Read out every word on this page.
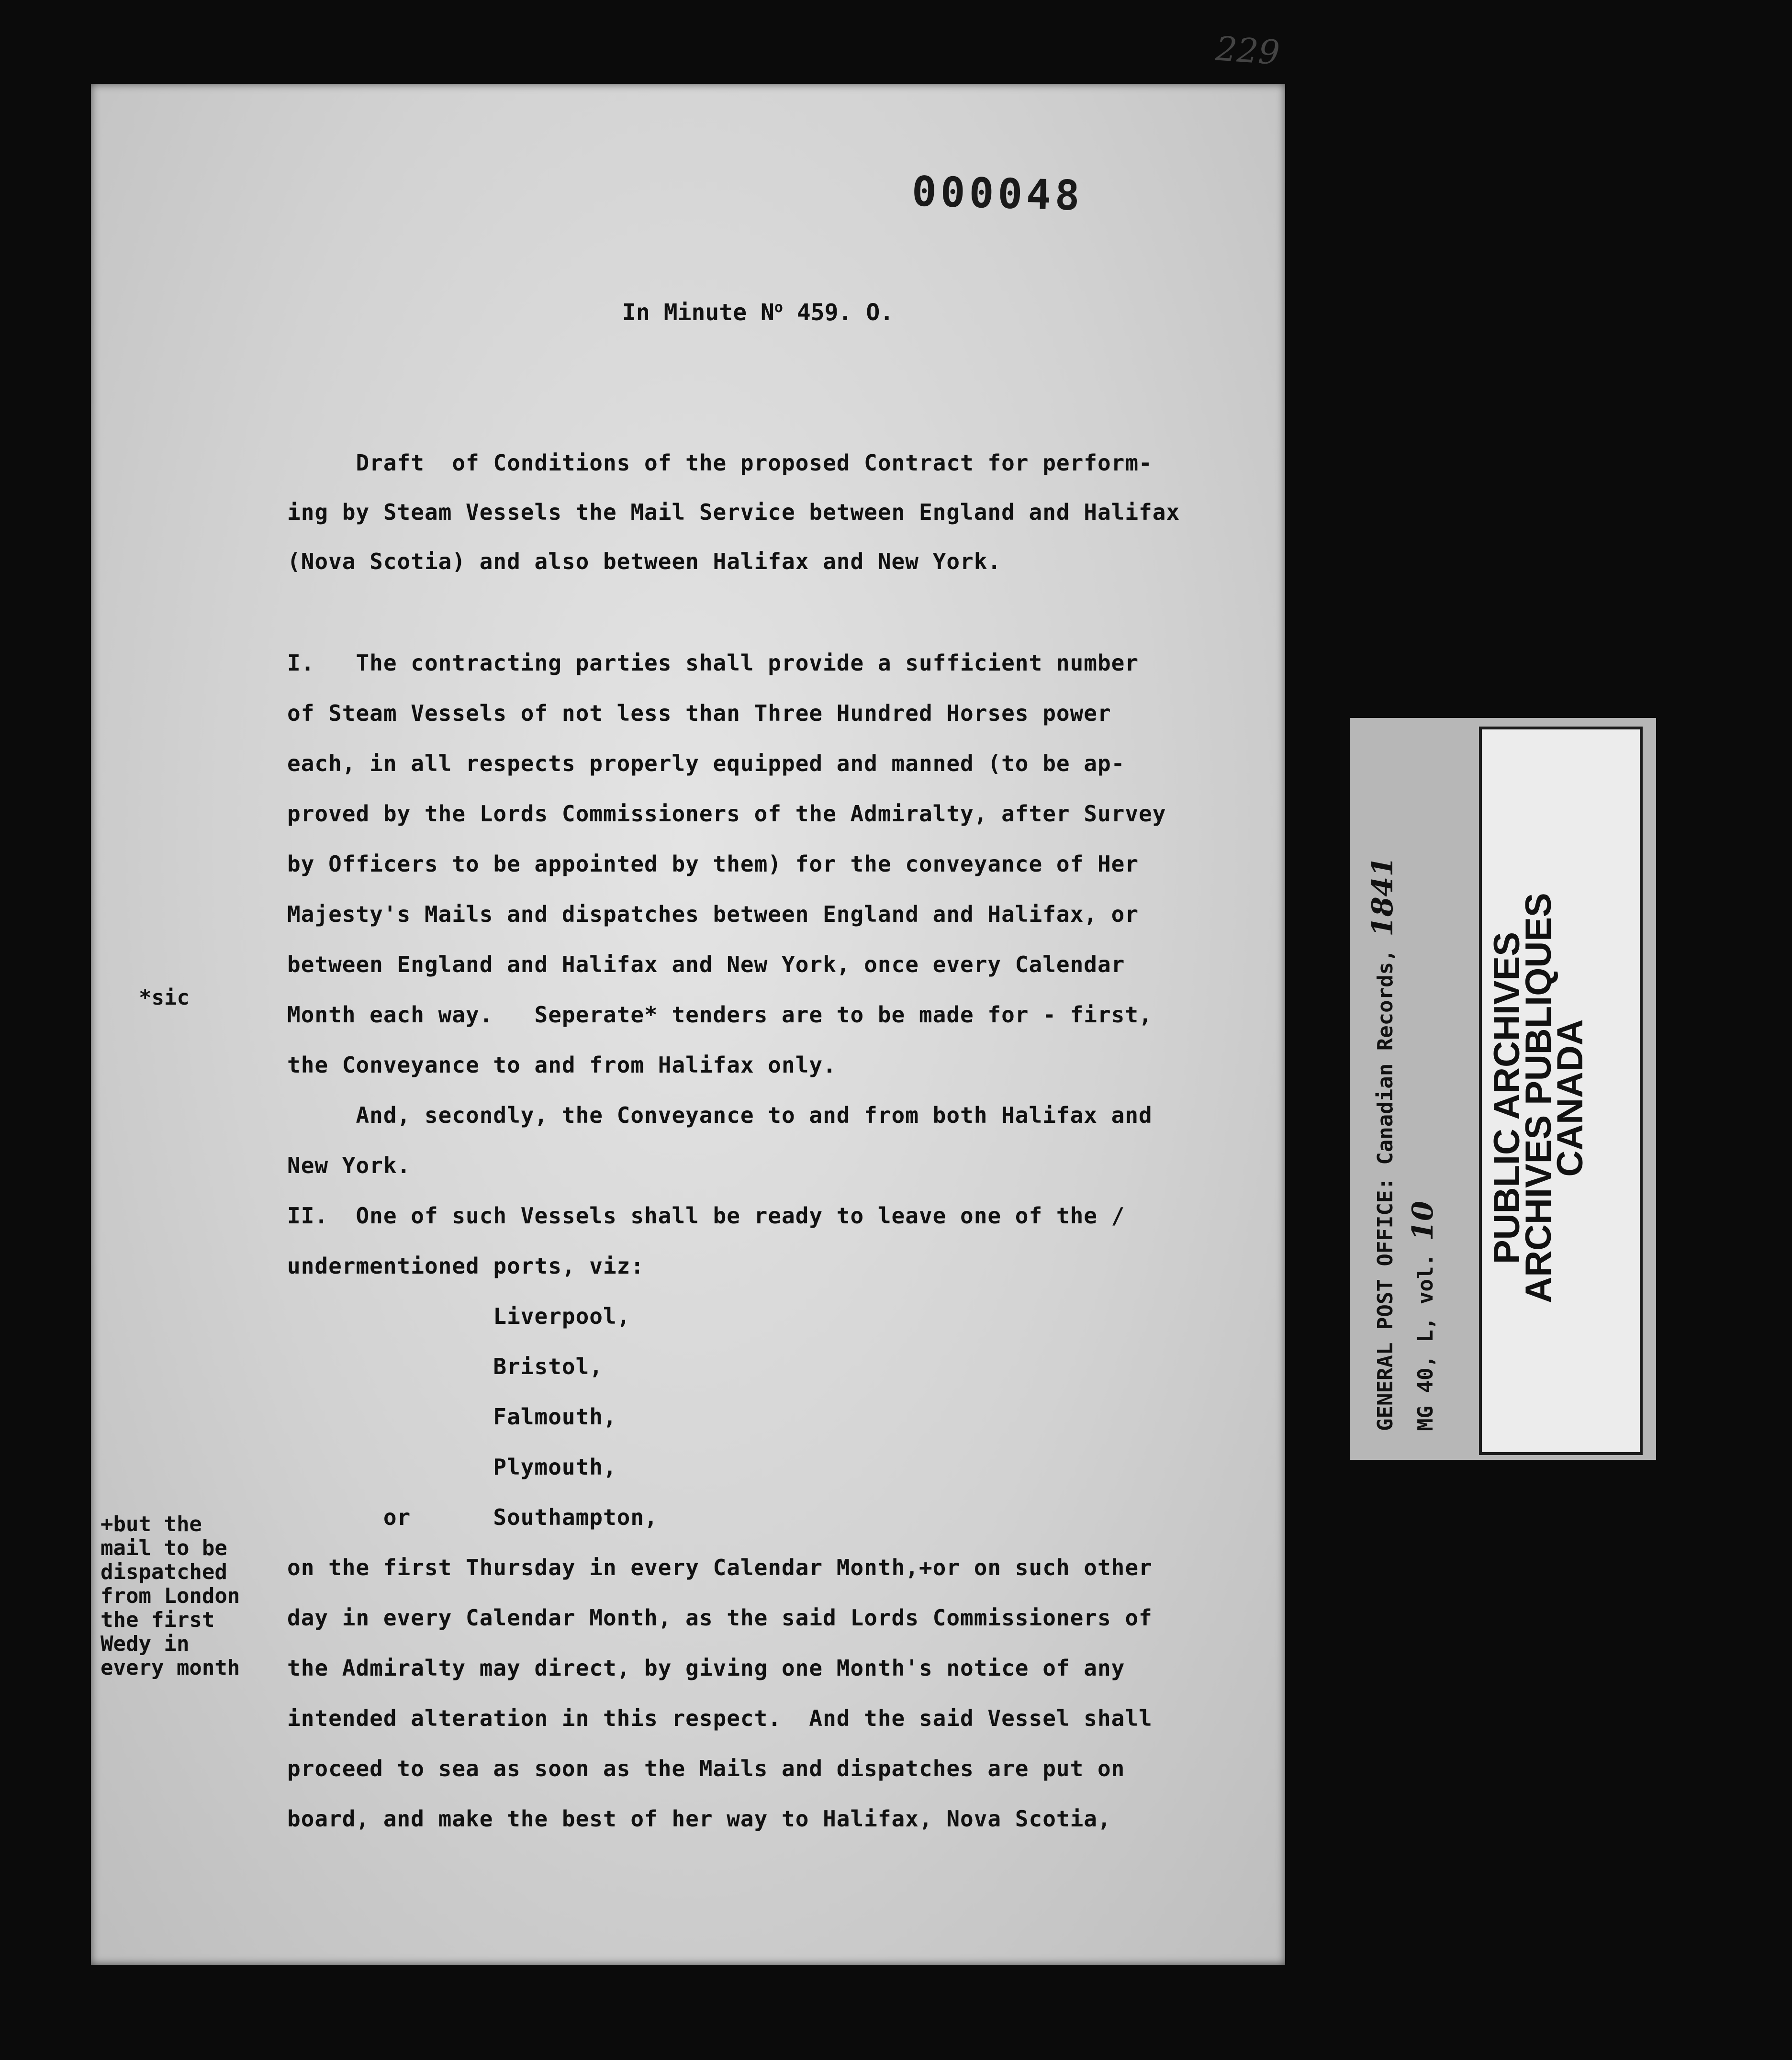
229
000048
In Minute $N^o$ 459. O.
Draft  of Conditions of the proposed Contract for perform-
ing by Steam Vessels the Mail Service between England and Halifax
(Nova Scotia) and also between Halifax and New York.
I.   The contracting parties shall provide a sufficient number
of Steam Vessels of not less than Three Hundred Horses power
each, in all respects properly equipped and manned (to be ap-
proved by the Lords Commissioners of the Admiralty, after Survey
by Officers to be appointed by them) for the conveyance of Her
Majesty's Mails and dispatches between England and Halifax, or
between England and Halifax and New York, once every Calendar
Month each way.   Seperate* tenders are to be made for - first,
the Conveyance to and from Halifax only.
And, secondly, the Conveyance to and from both Halifax and
New York.
II.  One of such Vessels shall be ready to leave one of the /
undermentioned ports, viz:
Liverpool,
Bristol,
Falmouth,
Plymouth,
or      Southampton,
on the first Thursday in every Calendar Month,+or on such other
day in every Calendar Month, as the said Lords Commissioners of
the Admiralty may direct, by giving one Month's notice of any
intended alteration in this respect.  And the said Vessel shall
proceed to sea as soon as the Mails and dispatches are put on
board, and make the best of her way to Halifax, Nova Scotia,
*sic
+but the
mail to be
dispatched
from London
the first
Wedy in
every month
GENERAL POST OFFICE: Canadian Records, 1841
MG 40, L, vol. 10	PUBLIC ARCHIVES
ARCHIVES PUBLIQUES
CANADA
